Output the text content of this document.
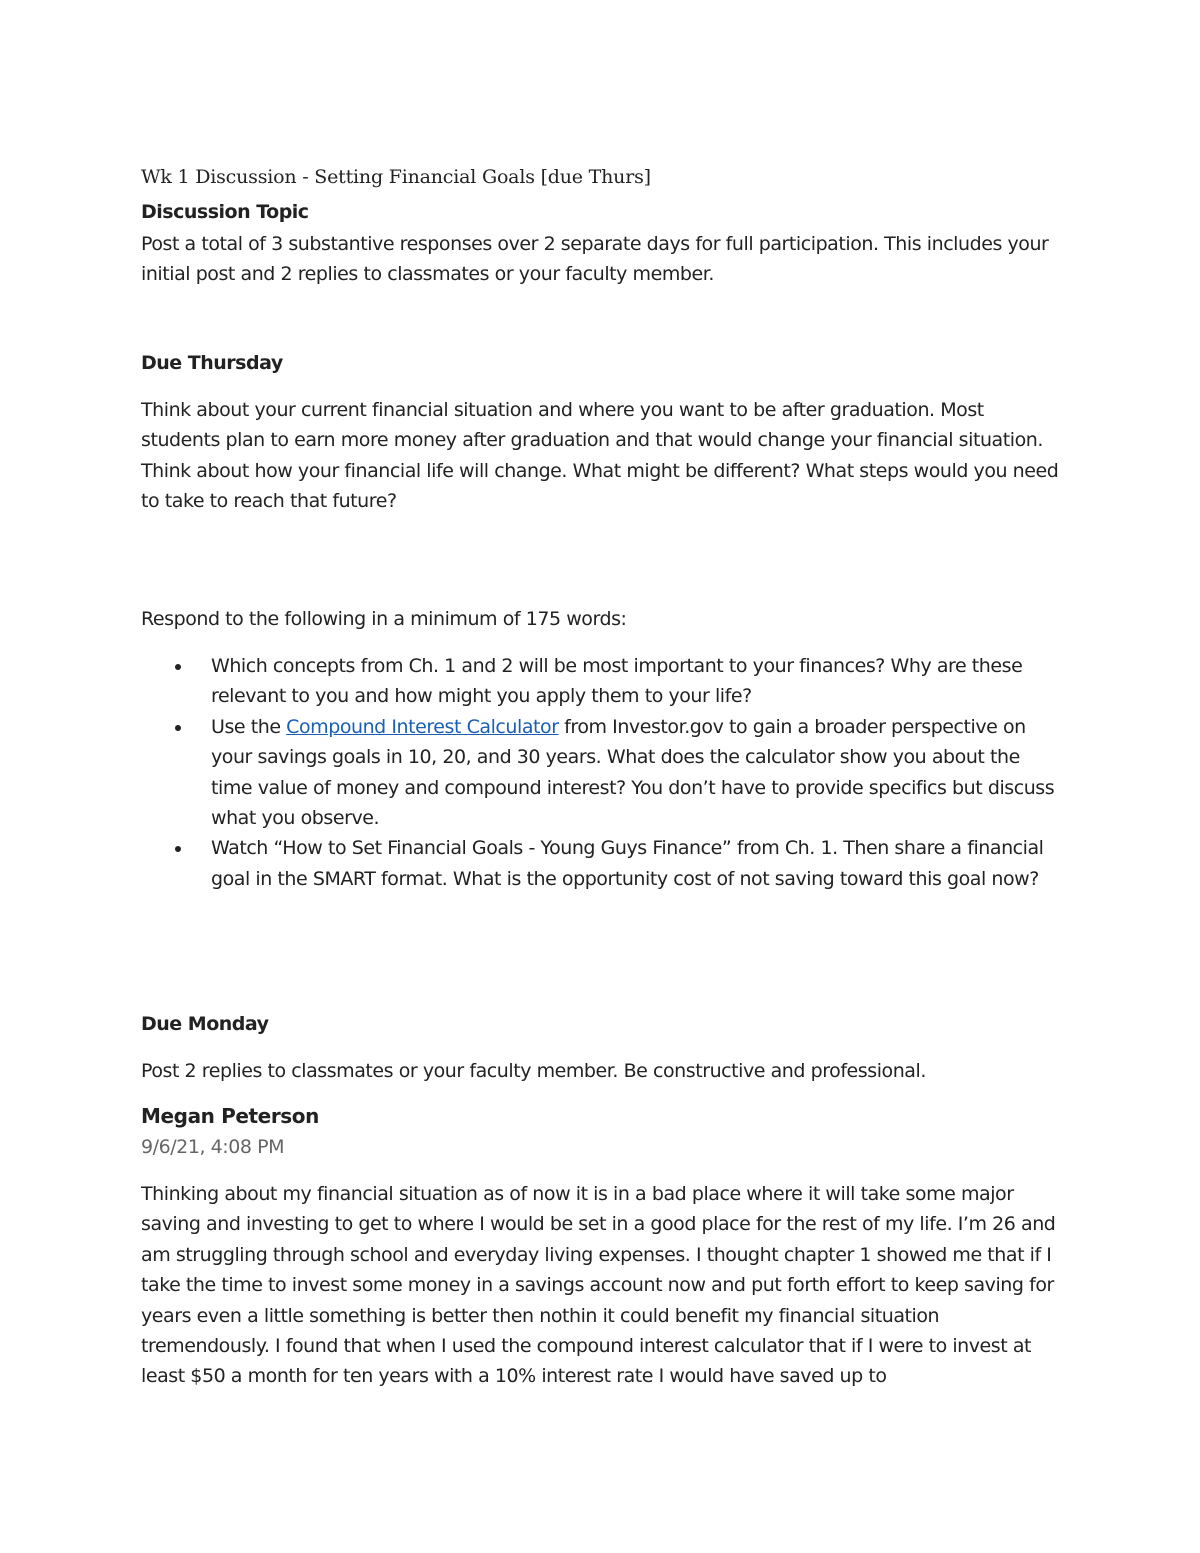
Wk 1 Discussion - Setting Financial Goals [due Thurs]
Discussion Topic

Post a total of 3 substantive responses over 2 separate days for full participation. This includes your initial post and 2 replies to classmates or your faculty member.

Due Thursday

Think about your current financial situation and where you want to be after graduation. Most students plan to earn more money after graduation and that would change your financial situation. Think about how your financial life will change. What might be different? What steps would you need to take to reach that future?

Respond to the following in a minimum of 175 words:

Which concepts from Ch. 1 and 2 will be most important to your finances? Why are these relevant to you and how might you apply them to your life?
Use the Compound Interest Calculator from Investor.gov to gain a broader perspective on your savings goals in 10, 20, and 30 years. What does the calculator show you about the time value of money and compound interest? You don’t have to provide specifics but discuss what you observe.
Watch “How to Set Financial Goals - Young Guys Finance” from Ch. 1. Then share a financial goal in the SMART format. What is the opportunity cost of not saving toward this goal now?
Due Monday

Post 2 replies to classmates or your faculty member. Be constructive and professional.

Megan Peterson
9/6/21, 4:08 PM

Thinking about my financial situation as of now it is in a bad place where it will take some major saving and investing to get to where I would be set in a good place for the rest of my life. I’m 26 and am struggling through school and everyday living expenses. I thought chapter 1 showed me that if I take the time to invest some money in a savings account now and put forth effort to keep saving for years even a little something is better then nothin it could benefit my financial situation tremendously. I found that when I used the compound interest calculator that if I were to invest at least $50 a month for ten years with a 10% interest rate I would have saved up to
